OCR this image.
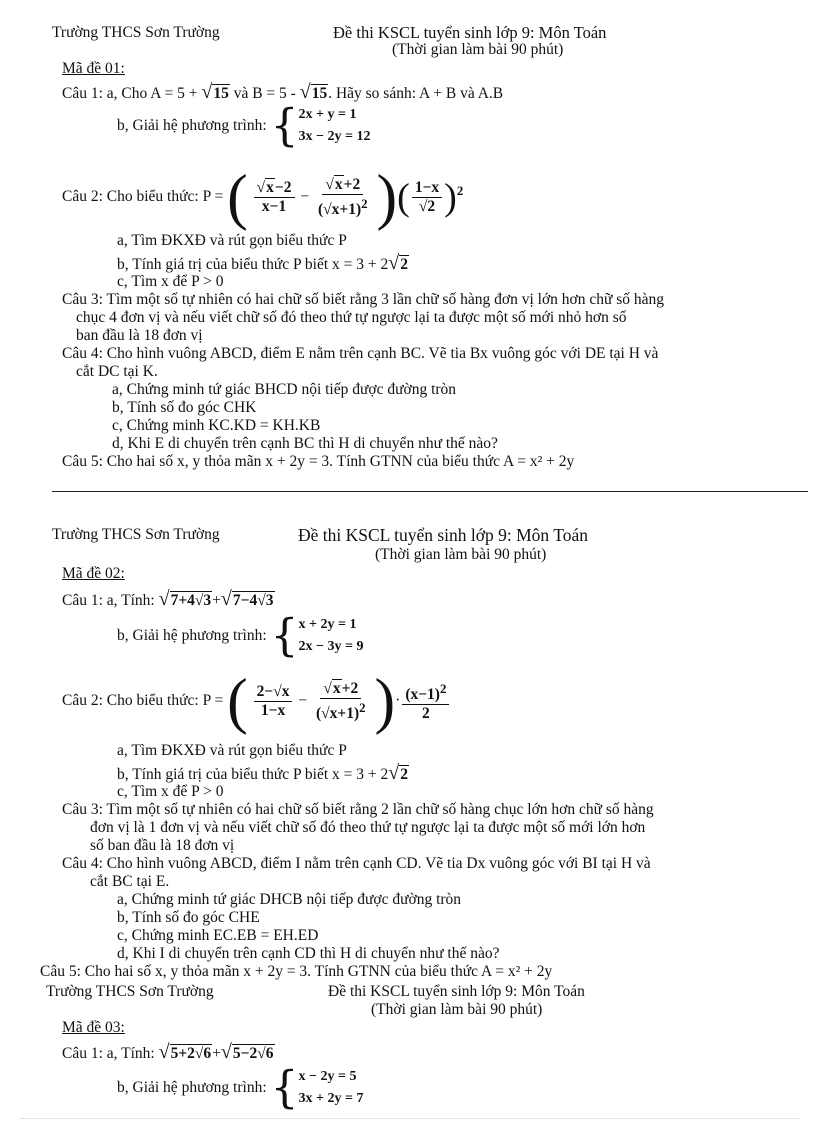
Trường THCS Sơn Trường	Đề thi KSCL tuyển sinh lớp 9: Môn Toán
(Thời gian làm bài 90 phút)
Mã đề 01:
Câu 1: a, Cho A = 5 + √15 và B = 5 - √15. Hãy so sánh: A + B và A.B
b, Giải hệ phương trình: { 2x + y = 1
3x − 2y = 12
Câu 2: Cho biểu thức: P = ( $\frac{√x-2}{x-1} - \frac{√x+2}{(√x+1)^2}$ )( $\frac{1-x}{√2} )^2$
a, Tìm ĐKXĐ và rút gọn biểu thức P
b, Tính giá trị của biểu thức P biết x = 3 + 2√2
c, Tìm x để P > 0
Câu 3: Tìm một số tự nhiên có hai chữ số biết rằng 3 lần chữ số hàng đơn vị lớn hơn chữ số hàng
chục 4 đơn vị và nếu viết chữ số đó theo thứ tự ngược lại ta được một số mới nhỏ hơn số
ban đầu là 18 đơn vị
Câu 4: Cho hình vuông ABCD, điểm E nằm trên cạnh BC. Vẽ tia Bx vuông góc với DE tại H và
cắt DC tại K.
a, Chứng minh tứ giác BHCD nội tiếp được đường tròn
b, Tính số đo góc CHK
c, Chứng minh KC.KD = KH.KB
d, Khi E di chuyển trên cạnh BC thì H di chuyển như thế nào?
Câu 5: Cho hai số x, y thỏa mãn x + 2y = 3. Tính GTNN của biểu thức A = x² + 2y
Trường THCS Sơn Trường	Đề thi KSCL tuyển sinh lớp 9: Môn Toán
(Thời gian làm bài 90 phút)
Mã đề 02:
Câu 1: a, Tính: √7+4√3+√7−4√3
b, Giải hệ phương trình: { x + 2y = 1
2x − 3y = 9
Câu 2: Cho biểu thức: P = ( $\frac{2-√x}{1-x} - \frac{√x+2}{(√x+1)^2}$ )· $\frac{(x-1)^2}{2}$
a, Tìm ĐKXĐ và rút gọn biểu thức P
b, Tính giá trị của biểu thức P biết x = 3 + 2√2
c, Tìm x để P > 0
Câu 3: Tìm một số tự nhiên có hai chữ số biết rằng 2 lần chữ số hàng chục lớn hơn chữ số hàng
đơn vị là 1 đơn vị và nếu viết chữ số đó theo thứ tự ngược lại ta được một số mới lớn hơn
số ban đầu là 18 đơn vị
Câu 4: Cho hình vuông ABCD, điểm I nằm trên cạnh CD. Vẽ tia Dx vuông góc với BI tại H và
cắt BC tại E.
a, Chứng minh tứ giác DHCB nội tiếp được đường tròn
b, Tính số đo góc CHE
c, Chứng minh EC.EB = EH.ED
d, Khi I di chuyển trên cạnh CD thì H di chuyển như thế nào?
Câu 5: Cho hai số x, y thỏa mãn x + 2y = 3. Tính GTNN của biểu thức A = x² + 2y
Trường THCS Sơn Trường	Đề thi KSCL tuyển sinh lớp 9: Môn Toán
(Thời gian làm bài 90 phút)
Mã đề 03:
Câu 1: a, Tính: √5+2√6+√5−2√6
b, Giải hệ phương trình: { x − 2y = 5
3x + 2y = 7
